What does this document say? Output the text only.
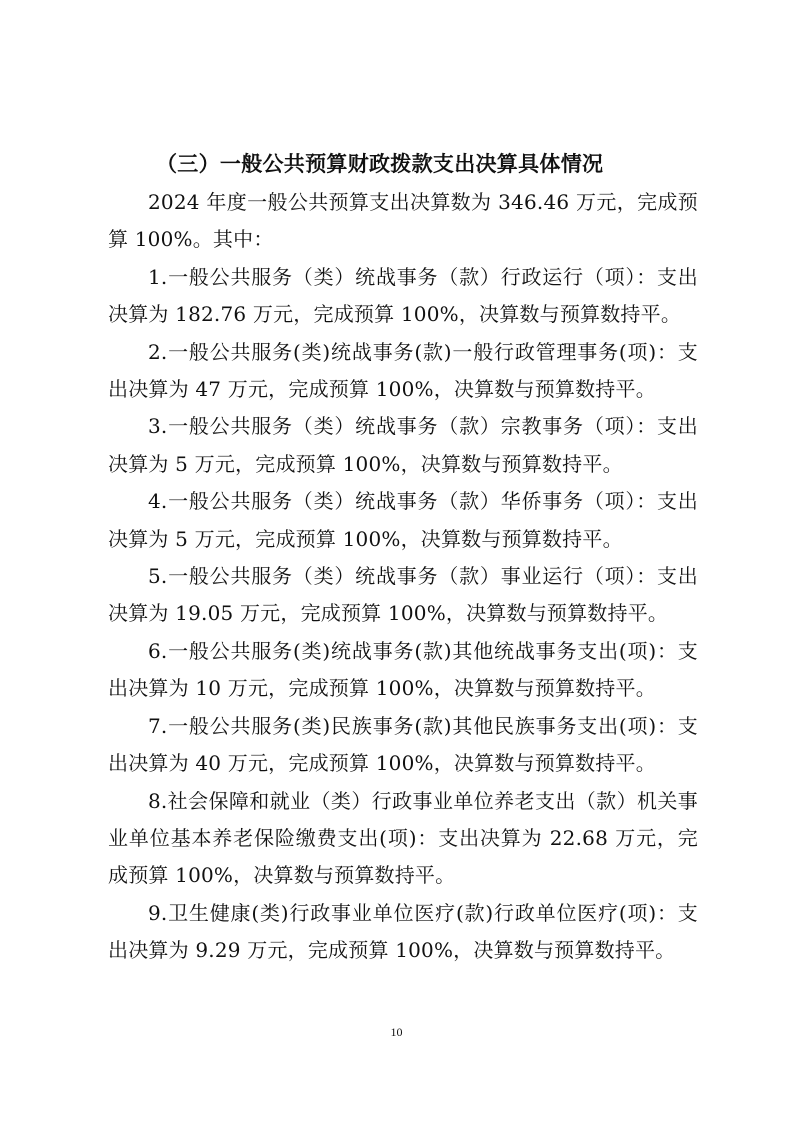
（三）一般公共预算财政拨款支出决算具体情况

2024 年度一般公共预算支出决算数为 346.46 万元，完成预算 100%。其中：

1.一般公共服务（类）统战事务（款）行政运行（项）：支出决算为 182.76 万元，完成预算 100%，决算数与预算数持平。

2.一般公共服务(类)统战事务(款)一般行政管理事务(项)：支出决算为 47 万元，完成预算 100%，决算数与预算数持平。

3.一般公共服务（类）统战事务（款）宗教事务（项）：支出决算为 5 万元，完成预算 100%，决算数与预算数持平。

4.一般公共服务（类）统战事务（款）华侨事务（项）：支出决算为 5 万元，完成预算 100%，决算数与预算数持平。

5.一般公共服务（类）统战事务（款）事业运行（项）：支出决算为 19.05 万元，完成预算 100%，决算数与预算数持平。

6.一般公共服务(类)统战事务(款)其他统战事务支出(项)：支出决算为 10 万元，完成预算 100%，决算数与预算数持平。

7.一般公共服务(类)民族事务(款)其他民族事务支出(项)：支出决算为 40 万元，完成预算 100%，决算数与预算数持平。

8.社会保障和就业（类）行政事业单位养老支出（款）机关事业单位基本养老保险缴费支出(项)：支出决算为 22.68 万元，完成预算 100%，决算数与预算数持平。

9.卫生健康(类)行政事业单位医疗(款)行政单位医疗(项)：支出决算为 9.29 万元，完成预算 100%，决算数与预算数持平。

10
